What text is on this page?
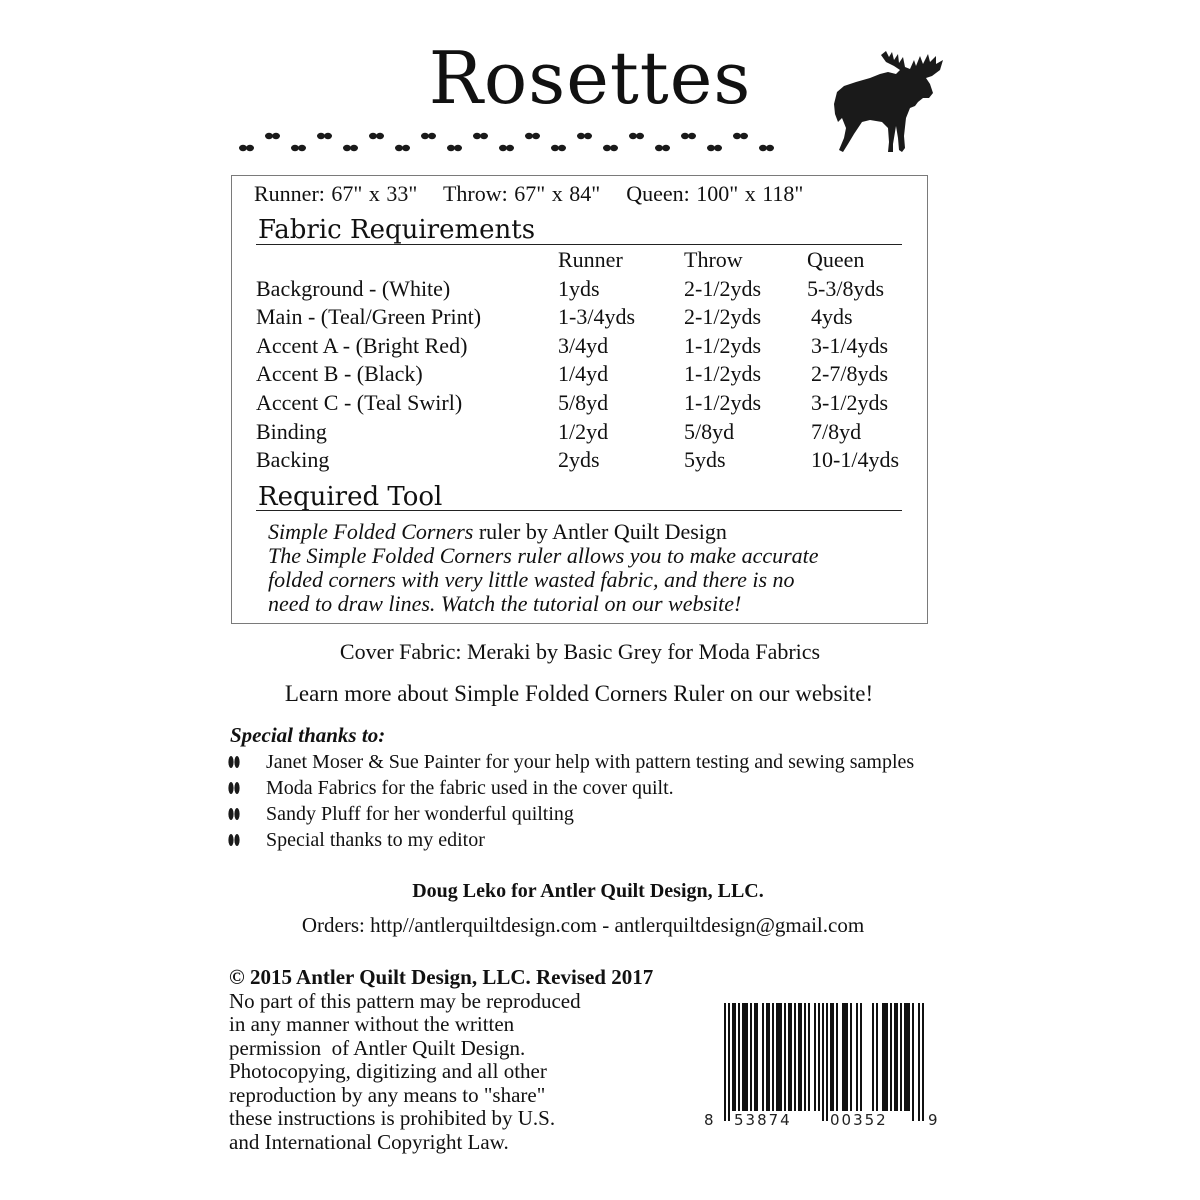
Rosettes
Runner: 67" x 33" Throw: 67" x 84" Queen: 100" x 118"
Fabric Requirements
	Runner	Throw	Queen
Background - (White)	1yds	2-1/2yds	5-3/8yds
Main - (Teal/Green Print)	1-3/4yds	2-1/2yds	4yds
Accent A - (Bright Red)	3/4yd	1-1/2yds	3-1/4yds
Accent B - (Black)	1/4yd	1-1/2yds	2-7/8yds
Accent C - (Teal Swirl)	5/8yd	1-1/2yds	3-1/2yds
Binding	1/2yd	5/8yd	7/8yd
Backing	2yds	5yds	10-1/4yds
Required Tool
Simple Folded Corners ruler by Antler Quilt Design
The Simple Folded Corners ruler allows you to make accurate
folded corners with very little wasted fabric, and there is no
need to draw lines. Watch the tutorial on our website!
Cover Fabric: Meraki by Basic Grey for Moda Fabrics
Learn more about Simple Folded Corners Ruler on our website!
Special thanks to:
Janet Moser & Sue Painter for your help with pattern testing and sewing samples
Moda Fabrics for the fabric used in the cover quilt.
Sandy Pluff for her wonderful quilting
Special thanks to my editor
Doug Leko for Antler Quilt Design, LLC.
Orders: http//antlerquiltdesign.com - antlerquiltdesign@gmail.com
© 2015 Antler Quilt Design, LLC. Revised 2017
No part of this pattern may be reproduced
in any manner without the written
permission  of Antler Quilt Design.
Photocopying, digitizing and all other
reproduction by any means to "share"
these instructions is prohibited by U.S.
and International Copyright Law.
8 53874	00352	9
